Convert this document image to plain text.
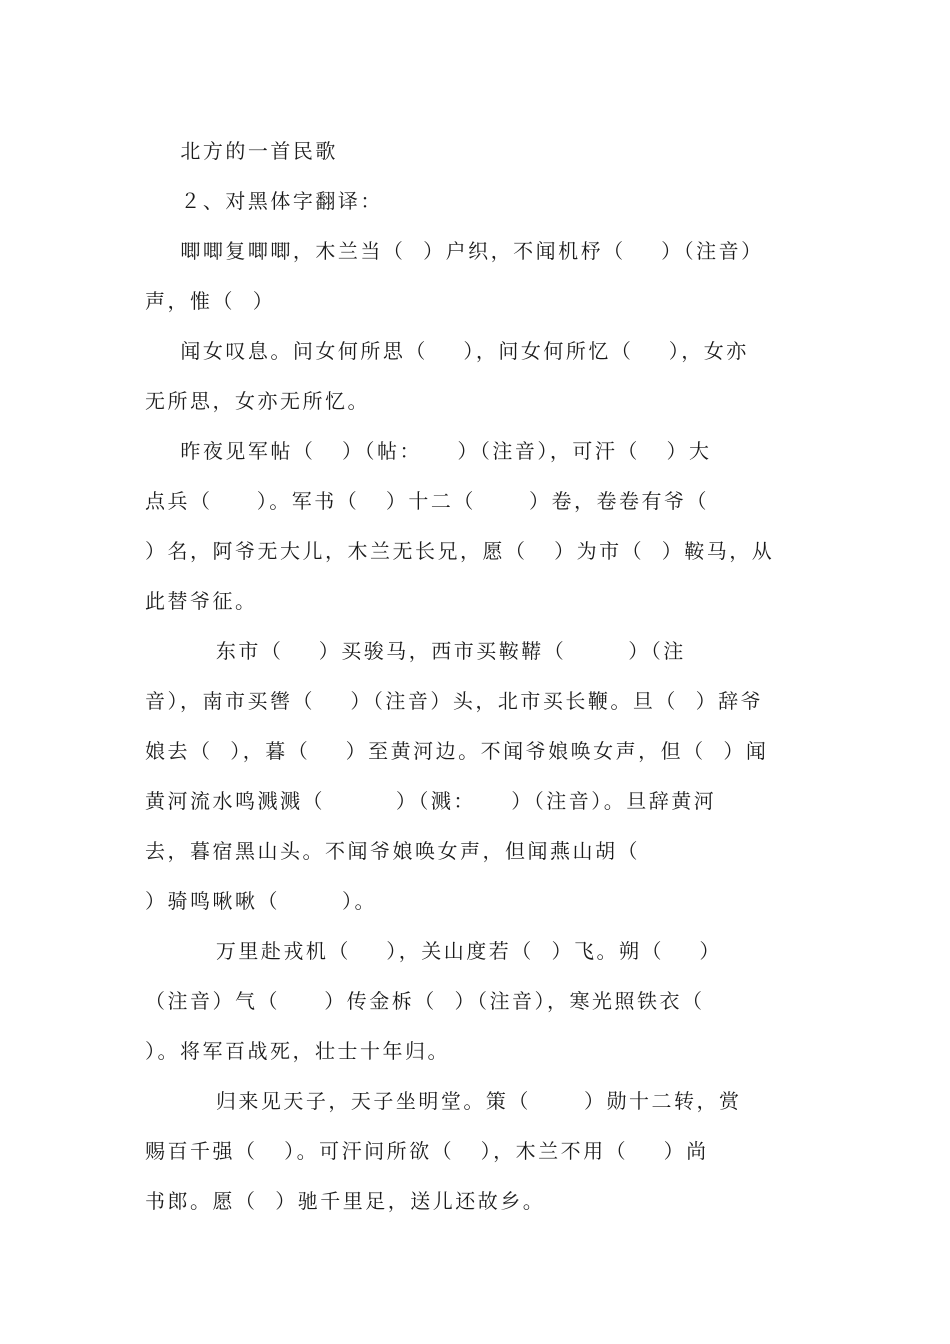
北方的一首民歌
２、对黑体字翻译：
唧唧复唧唧，木兰当（  ）户织，不闻机杼（    ）（注音）
声，惟（  ）
闻女叹息。问女何所思（    ），问女何所忆（    ），女亦
无所思，女亦无所忆。
昨夜见军帖（   ）（帖：    ）（注音），可汗（   ）大
点兵（     ）。军书（   ）十二（      ）卷，卷卷有爷（
）名，阿爷无大儿，木兰无长兄，愿（   ）为市（  ）鞍马，从
此替爷征。
东市（    ）买骏马，西市买鞍鞯（       ）（注
音），南市买辔（    ）（注音）头，北市买长鞭。旦（  ）辞爷
娘去（  ），暮（    ）至黄河边。不闻爷娘唤女声，但（  ）闻
黄河流水鸣溅溅（        ）（溅：    ）（注音）。旦辞黄河
去，暮宿黑山头。不闻爷娘唤女声，但闻燕山胡（
）骑鸣啾啾（       ）。
万里赴戎机（    ），关山度若（  ）飞。朔（    ）
（注音）气（     ）传金柝（  ）（注音），寒光照铁衣（
）。将军百战死，壮士十年归。
归来见天子，天子坐明堂。策（      ）勋十二转，赏
赐百千强（   ）。可汗问所欲（   ），木兰不用（    ）尚
书郎。愿（  ）驰千里足，送儿还故乡。
